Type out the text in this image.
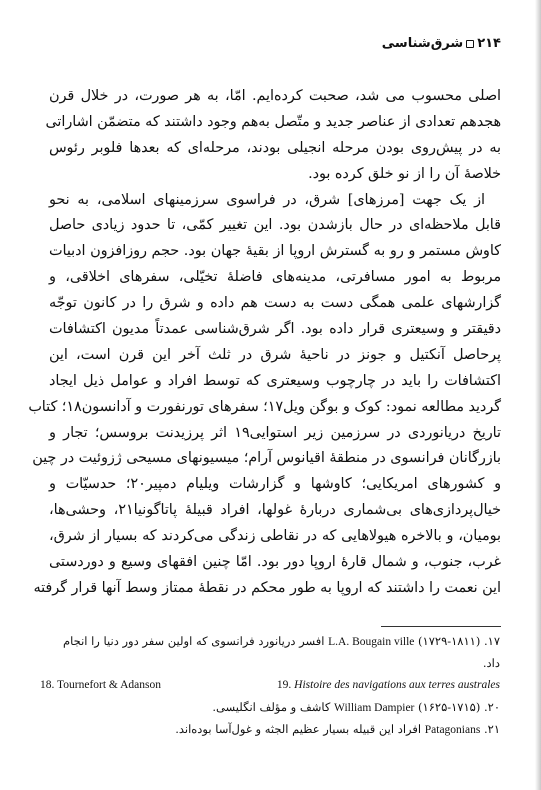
۲۱۴شرق‌شناسی
اصلی محسوب می شد، صحبت کرده‌ایم. امّا، به هر صورت، در خلال قرن
هجدهم تعدادی از عناصر جدید و متّصل به‌هم وجود داشتند که متضمّن اشاراتی
به در پیش‌روی بودن مرحله انجیلی بودند، مرحله‌ای که بعدها فلوبر رئوس
خلاصهٔ آن را از نو خلق کرده بود.
از یک جهت [مرزهای] شرق، در فراسوی سرزمینهای اسلامی، به نحو
قابل ملاحظه‌ای در حال بازشدن بود. این تغییر کمّی، تا حدود زیادی حاصل
کاوش مستمر و رو به گسترش اروپا از بقیهٔ جهان بود. حجم روزافزون ادبیات
مربوط به امور مسافرتی، مدینه‌های فاضلهٔ تخیّلی، سفرهای اخلاقی، و
گزارشهای علمی همگی دست به دست هم داده و شرق را در کانون توجّه
دقیقتر و وسیعتری قرار داده بود. اگر شرق‌شناسی عمدتاً مدیون اکتشافات
پرحاصل آنکتیل و جونز در ناحیهٔ شرق در ثلث آخر این قرن است، این
اکتشافات را باید در چارچوب وسیعتری که توسط افراد و عوامل ذیل ایجاد
گردید مطالعه نمود: کوک و بوگن ویل۱۷؛ سفرهای تورنفورت و آدانسون۱۸؛ کتاب
تاریخ دریانوردی در سرزمین زیر استوایی۱۹ اثر پرزیدنت بروسس؛ تجار و
بازرگانان فرانسوی در منطقهٔ اقیانوس آرام؛ میسیونهای مسیحی ژزوئیت در چین
و کشورهای امریکایی؛ کاوشها و گزارشات ویلیام دمپیر۲۰؛ حدسیّات و
خیال‌پردازی‌های بی‌شماری دربارهٔ غولها، افراد قبیلهٔ پاتاگونیا۲۱، وحشی‌ها،
بومیان، و بالاخره هیولاهایی که در نقاطی زندگی می‌کردند که بسیار از شرق،
غرب، جنوب، و شمال قارهٔ اروپا دور بود. امّا چنین افقهای وسیع و دوردستی
این نعمت را داشتند که اروپا به طور محکم در نقطهٔ ممتاز وسط آنها قرار گرفته
۱۷. L.A. Bougain ville (۱۷۲۹-۱۸۱۱) افسر دریانورد فرانسوی که اولین سفر دور دنیا را انجام
داد.
18. Tournefort & Adanson	19. Histoire des navigations aux terres australes
۲۰. William Dampier (۱۶۲۵-۱۷۱۵) کاشف و مؤلف انگلیسی.
۲۱. Patagonians افراد این قبیله بسیار عظیم الجثه و غول‌آسا بوده‌اند.
